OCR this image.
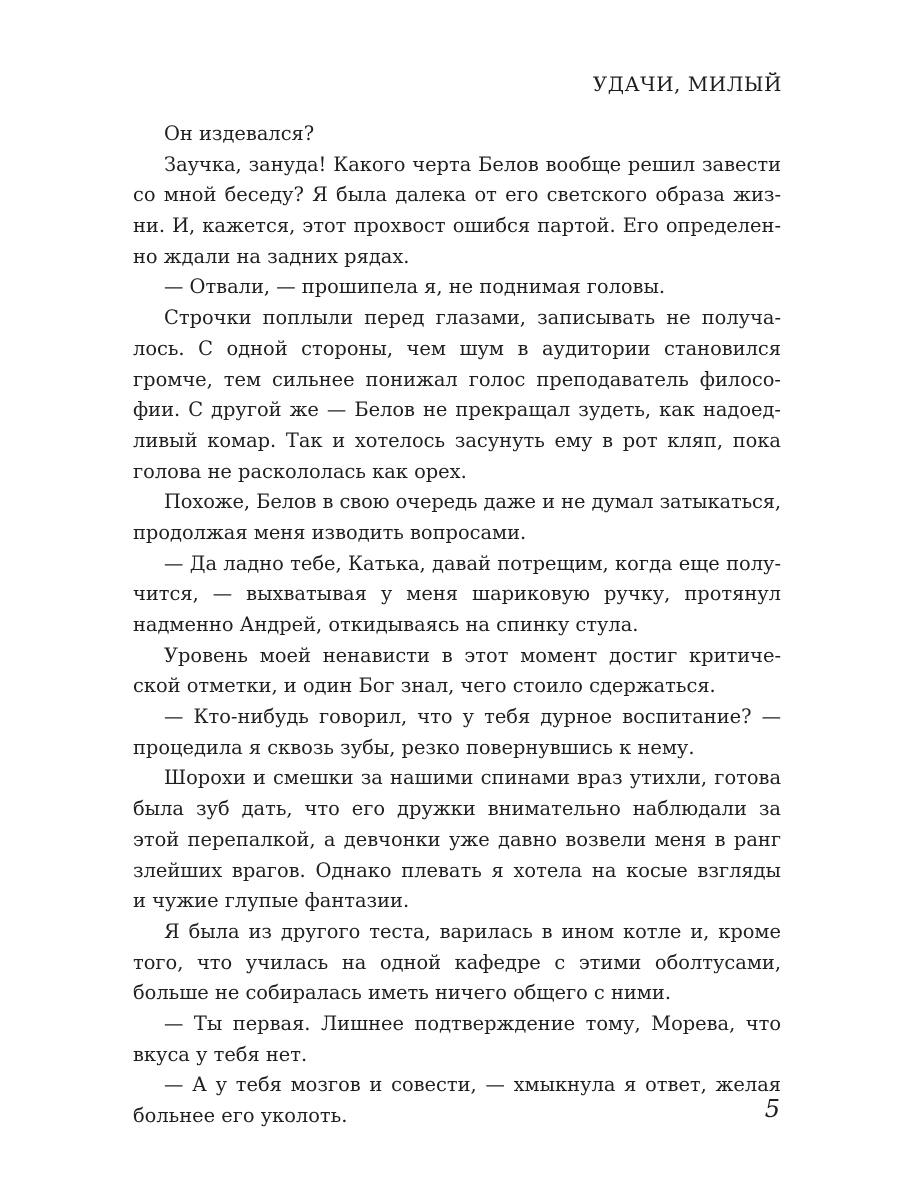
УДАЧИ, МИЛЫЙ
Он издевался?
Заучка, зануда! Какого черта Белов вообще решил завести
со мной беседу? Я была далека от его светского образа жиз-
ни. И, кажется, этот прохвост ошибся партой. Его определен-
но ждали на задних рядах.
— Отвали, — прошипела я, не поднимая головы.
Строчки поплыли перед глазами, записывать не получа-
лось. С одной стороны, чем шум в аудитории становился
громче, тем сильнее понижал голос преподаватель филосо-
фии. С другой же — Белов не прекращал зудеть, как надоед-
ливый комар. Так и хотелось засунуть ему в рот кляп, пока
голова не раскололась как орех.
Похоже, Белов в свою очередь даже и не думал затыкаться,
продолжая меня изводить вопросами.
— Да ладно тебе, Катька, давай потрещим, когда еще полу-
чится, — выхватывая у меня шариковую ручку, протянул
надменно Андрей, откидываясь на спинку стула.
Уровень моей ненависти в этот момент достиг критиче-
ской отметки, и один Бог знал, чего стоило сдержаться.
— Кто-нибудь говорил, что у тебя дурное воспитание? —
процедила я сквозь зубы, резко повернувшись к нему.
Шорохи и смешки за нашими спинами враз утихли, готова
была зуб дать, что его дружки внимательно наблюдали за
этой перепалкой, а девчонки уже давно возвели меня в ранг
злейших врагов. Однако плевать я хотела на косые взгляды
и чужие глупые фантазии.
Я была из другого теста, варилась в ином котле и, кроме
того, что училась на одной кафедре с этими оболтусами,
больше не собиралась иметь ничего общего с ними.
— Ты первая. Лишнее подтверждение тому, Морева, что
вкуса у тебя нет.
— А у тебя мозгов и совести, — хмыкнула я ответ, желая
больнее его уколоть.	5
